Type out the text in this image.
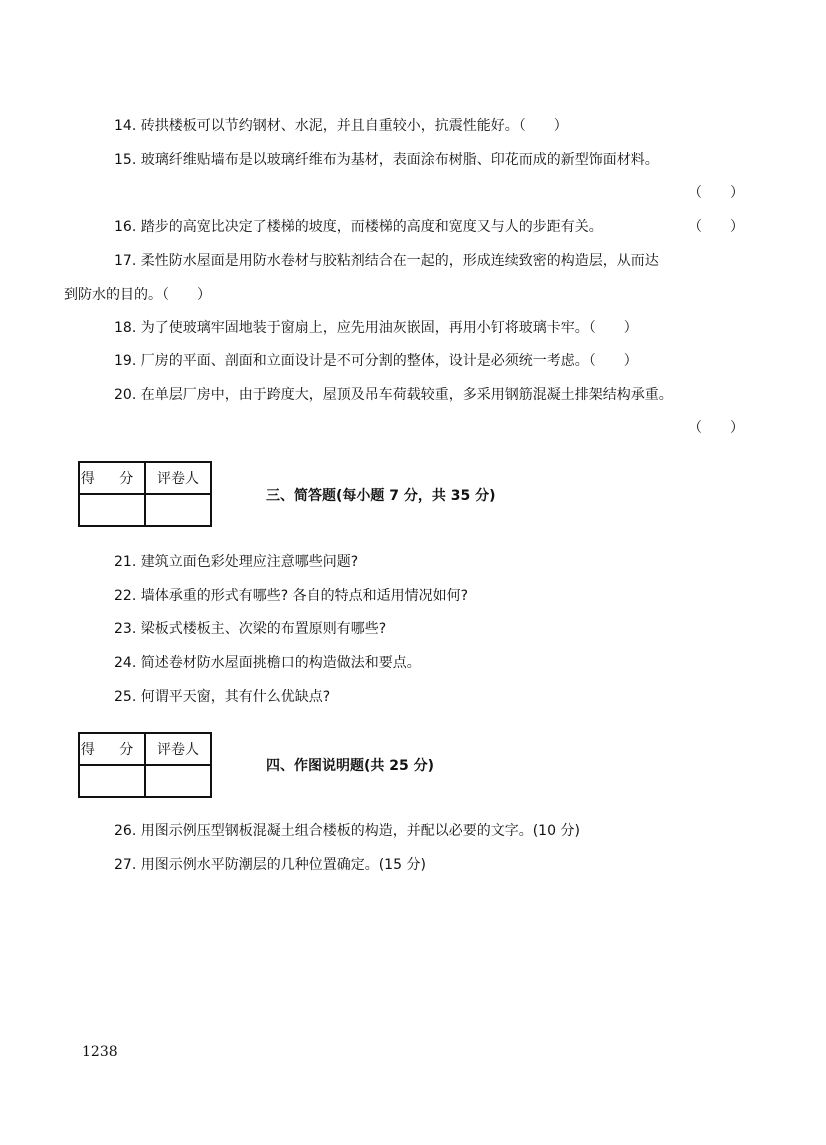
14. 砖拱楼板可以节约钢材、水泥，并且自重较小，抗震性能好。（　　）
15. 玻璃纤维贴墙布是以玻璃纤维布为基材，表面涂布树脂、印花而成的新型饰面材料。
（　　）
16. 踏步的高宽比决定了楼梯的坡度，而楼梯的高度和宽度又与人的步距有关。	（　　）
17. 柔性防水屋面是用防水卷材与胶粘剂结合在一起的，形成连续致密的构造层，从而达
到防水的目的。（　　）
18. 为了使玻璃牢固地装于窗扇上，应先用油灰嵌固，再用小钉将玻璃卡牢。（　　）
19. 厂房的平面、剖面和立面设计是不可分割的整体，设计是必须统一考虑。（　　）
20. 在单层厂房中，由于跨度大，屋顶及吊车荷载较重，多采用钢筋混凝土排架结构承重。
（　　）
得 分	评卷人

三、简答题(每小题 7 分，共 35 分)
21. 建筑立面色彩处理应注意哪些问题?
22. 墙体承重的形式有哪些? 各自的特点和适用情况如何?
23. 梁板式楼板主、次梁的布置原则有哪些?
24. 简述卷材防水屋面挑檐口的构造做法和要点。
25. 何谓平天窗，其有什么优缺点?
得 分	评卷人

四、作图说明题(共 25 分)
26. 用图示例压型钢板混凝土组合楼板的构造，并配以必要的文字。(10 分)
27. 用图示例水平防潮层的几种位置确定。(15 分)
1238
